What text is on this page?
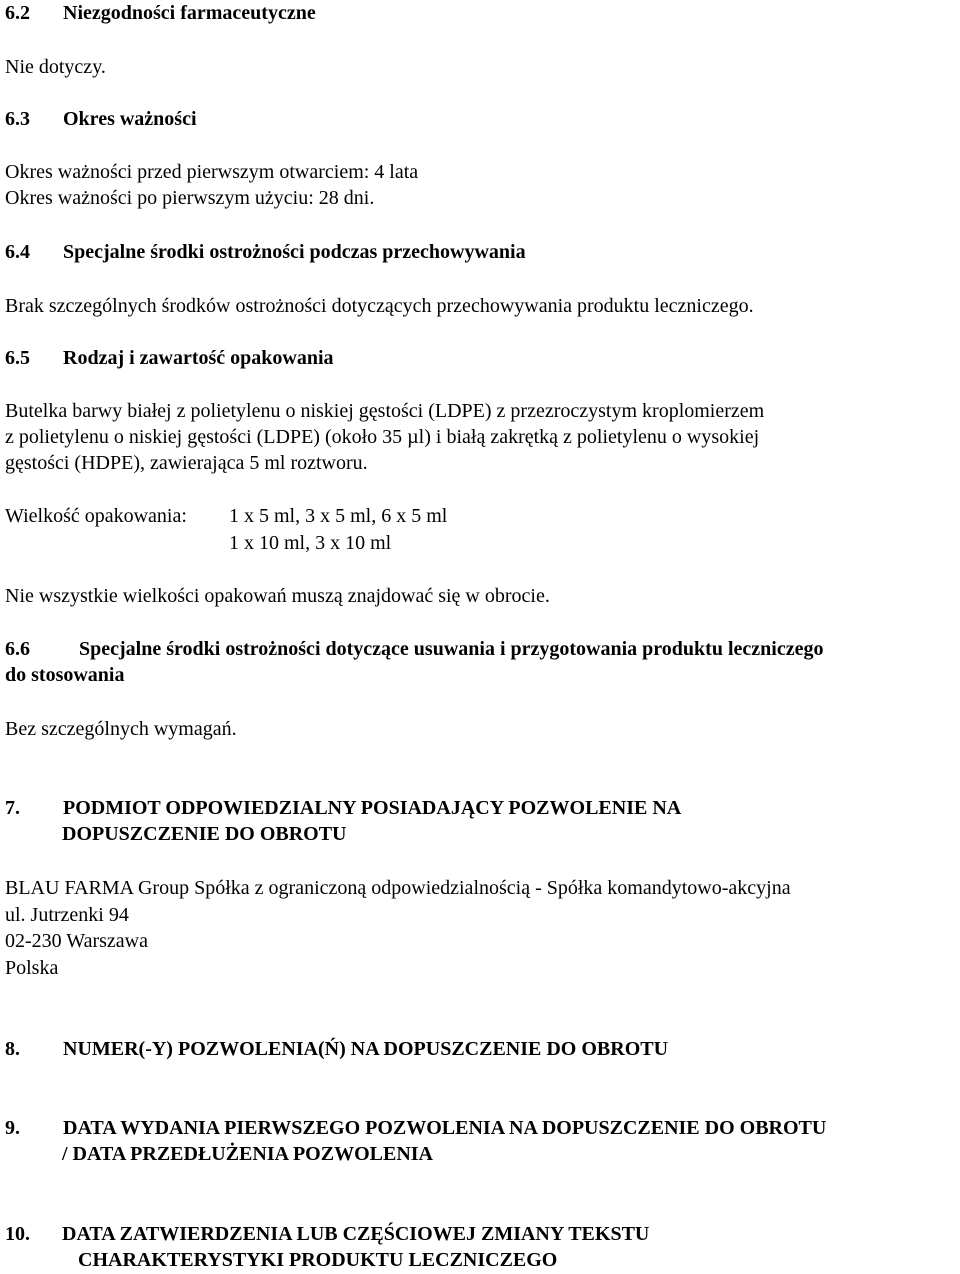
6.2 Niezgodności farmaceutyczne
Nie dotyczy.
6.3 Okres ważności
Okres ważności przed pierwszym otwarciem: 4 lata
Okres ważności po pierwszym użyciu: 28 dni.
6.4 Specjalne środki ostrożności podczas przechowywania
Brak szczególnych środków ostrożności dotyczących przechowywania produktu leczniczego.
6.5 Rodzaj i zawartość opakowania
Butelka barwy białej z polietylenu o niskiej gęstości (LDPE) z przezroczystym kroplomierzem
z polietylenu o niskiej gęstości (LDPE) (około 35 µl) i białą zakrętką z polietylenu o wysokiej
gęstości (HDPE), zawierająca 5 ml roztworu.
Wielkość opakowania: 1 x 5 ml, 3 x 5 ml, 6 x 5 ml
1 x 10 ml, 3 x 10 ml
Nie wszystkie wielkości opakowań muszą znajdować się w obrocie.
6.6 Specjalne środki ostrożności dotyczące usuwania i przygotowania produktu leczniczego
do stosowania
Bez szczególnych wymagań.
7. PODMIOT ODPOWIEDZIALNY POSIADAJĄCY POZWOLENIE NA
DOPUSZCZENIE DO OBROTU
BLAU FARMA Group Spółka z ograniczoną odpowiedzialnością - Spółka komandytowo-akcyjna
ul. Jutrzenki 94
02-230 Warszawa
Polska
8. NUMER(-Y) POZWOLENIA(Ń) NA DOPUSZCZENIE DO OBROTU
9. DATA WYDANIA PIERWSZEGO POZWOLENIA NA DOPUSZCZENIE DO OBROTU
/ DATA PRZEDŁUŻENIA POZWOLENIA
10. DATA ZATWIERDZENIA LUB CZĘŚCIOWEJ ZMIANY TEKSTU
CHARAKTERYSTYKI PRODUKTU LECZNICZEGO
